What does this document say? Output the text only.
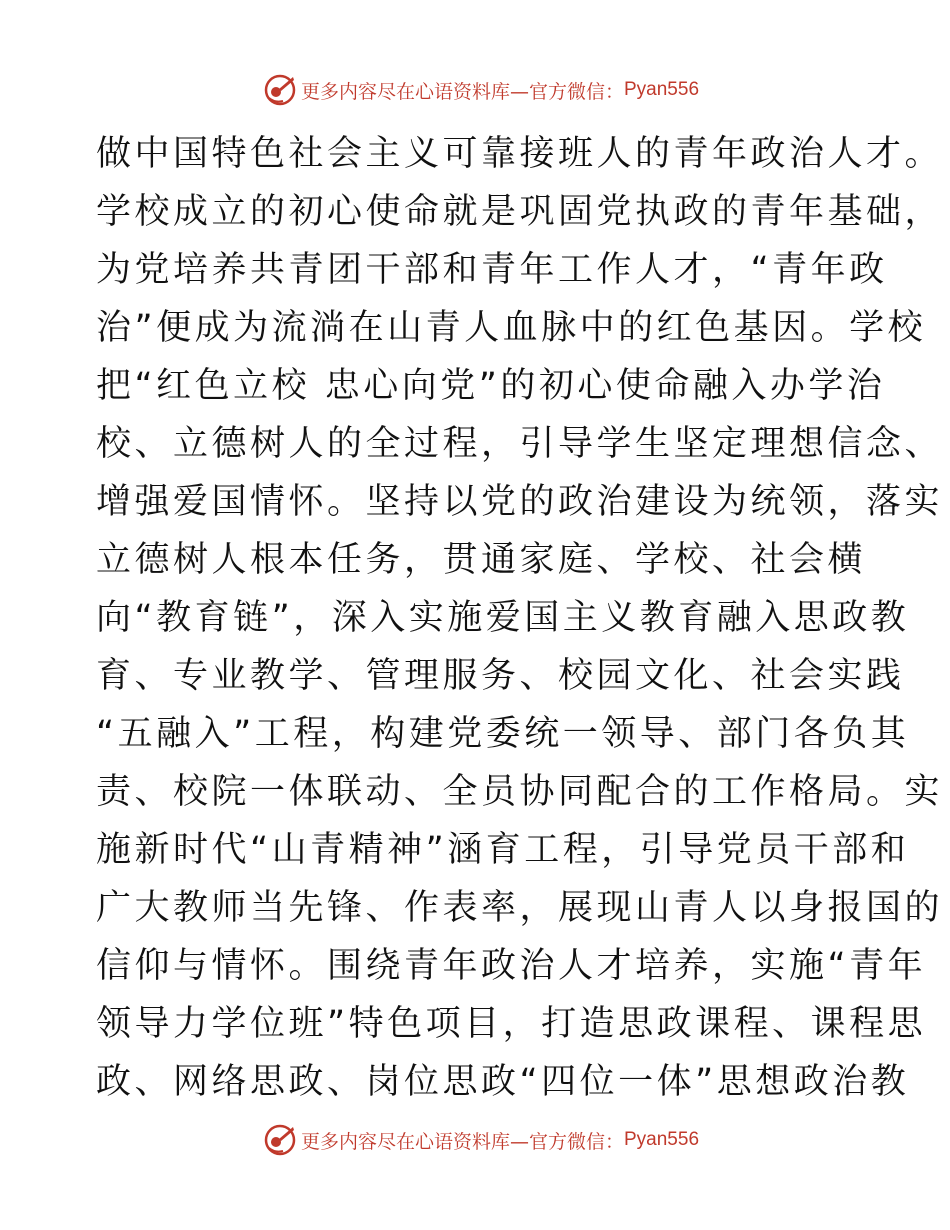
更多内容尽在心语资料库—官方微信： Pyan556
做中国特色社会主义可靠接班人的青年政治人才。
学校成立的初心使命就是巩固党执政的青年基础，
为党培养共青团干部和青年工作人才，“青年政
治”便成为流淌在山青人血脉中的红色基因。学校
把“红色立校 忠心向党”的初心使命融入办学治
校、立德树人的全过程，引导学生坚定理想信念、
增强爱国情怀。坚持以党的政治建设为统领，落实
立德树人根本任务，贯通家庭、学校、社会横
向“教育链”，深入实施爱国主义教育融入思政教
育、专业教学、管理服务、校园文化、社会实践
“五融入”工程，构建党委统一领导、部门各负其
责、校院一体联动、全员协同配合的工作格局。实
施新时代“山青精神”涵育工程，引导党员干部和
广大教师当先锋、作表率，展现山青人以身报国的
信仰与情怀。围绕青年政治人才培养，实施“青年
领导力学位班”特色项目，打造思政课程、课程思
政、网络思政、岗位思政“四位一体”思想政治教
更多内容尽在心语资料库—官方微信： Pyan556
